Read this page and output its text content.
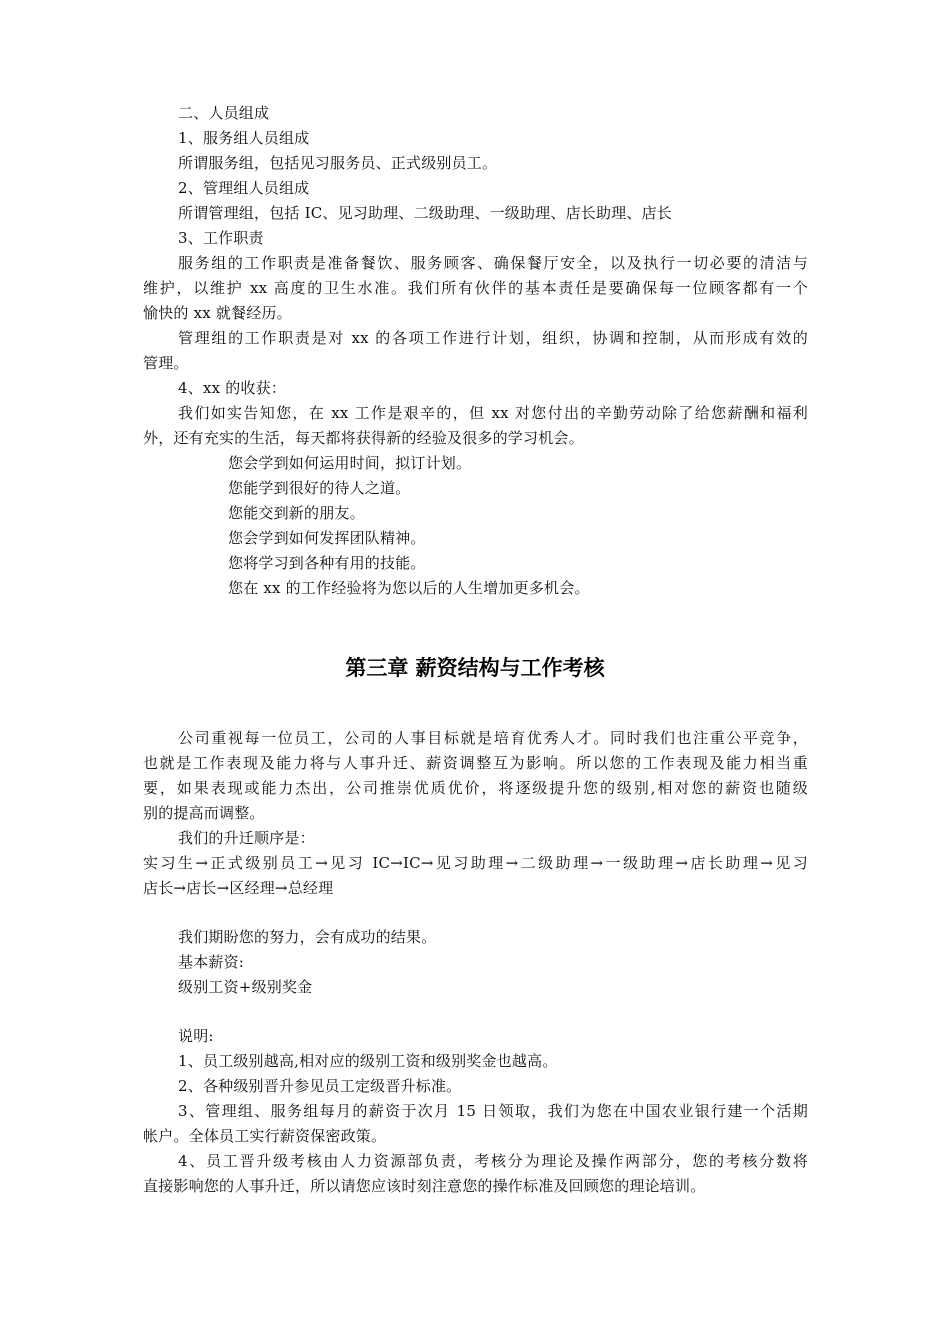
二、人员组成
1、服务组人员组成
所谓服务组，包括见习服务员、正式级别员工。
2、管理组人员组成
所谓管理组，包括 IC、见习助理、二级助理、一级助理、店长助理、店长
3、工作职责
服务组的工作职责是准备餐饮、服务顾客、确保餐厅安全，以及执行一切必要的清洁与
维护，以维护 xx 高度的卫生水准。我们所有伙伴的基本责任是要确保每一位顾客都有一个
愉快的 xx 就餐经历。
管理组的工作职责是对 xx 的各项工作进行计划，组织，协调和控制，从而形成有效的
管理。
4、xx 的收获：
我们如实告知您，在 xx 工作是艰辛的，但 xx 对您付出的辛勤劳动除了给您薪酬和福利
外，还有充实的生活，每天都将获得新的经验及很多的学习机会。
您会学到如何运用时间，拟订计划。
您能学到很好的待人之道。
您能交到新的朋友。
您会学到如何发挥团队精神。
您将学习到各种有用的技能。
您在 xx 的工作经验将为您以后的人生增加更多机会。
第三章 薪资结构与工作考核
公司重视每一位员工，公司的人事目标就是培育优秀人才。同时我们也注重公平竞争，
也就是工作表现及能力将与人事升迁、薪资调整互为影响。所以您的工作表现及能力相当重
要，如果表现或能力杰出，公司推崇优质优价，将逐级提升您的级别,相对您的薪资也随级
别的提高而调整。
我们的升迁顺序是：
实习生→正式级别员工→见习 IC→IC→见习助理→二级助理→一级助理→店长助理→见习
店长→店长→区经理→总经理
我们期盼您的努力，会有成功的结果。
基本薪资:
级别工资+级别奖金
说明:
1、员工级别越高,相对应的级别工资和级别奖金也越高。
2、各种级别晋升参见员工定级晋升标准。
3、管理组、服务组每月的薪资于次月 15 日领取，我们为您在中国农业银行建一个活期
帐户。全体员工实行薪资保密政策。
4、员工晋升级考核由人力资源部负责，考核分为理论及操作两部分，您的考核分数将
直接影响您的人事升迁，所以请您应该时刻注意您的操作标准及回顾您的理论培训。
